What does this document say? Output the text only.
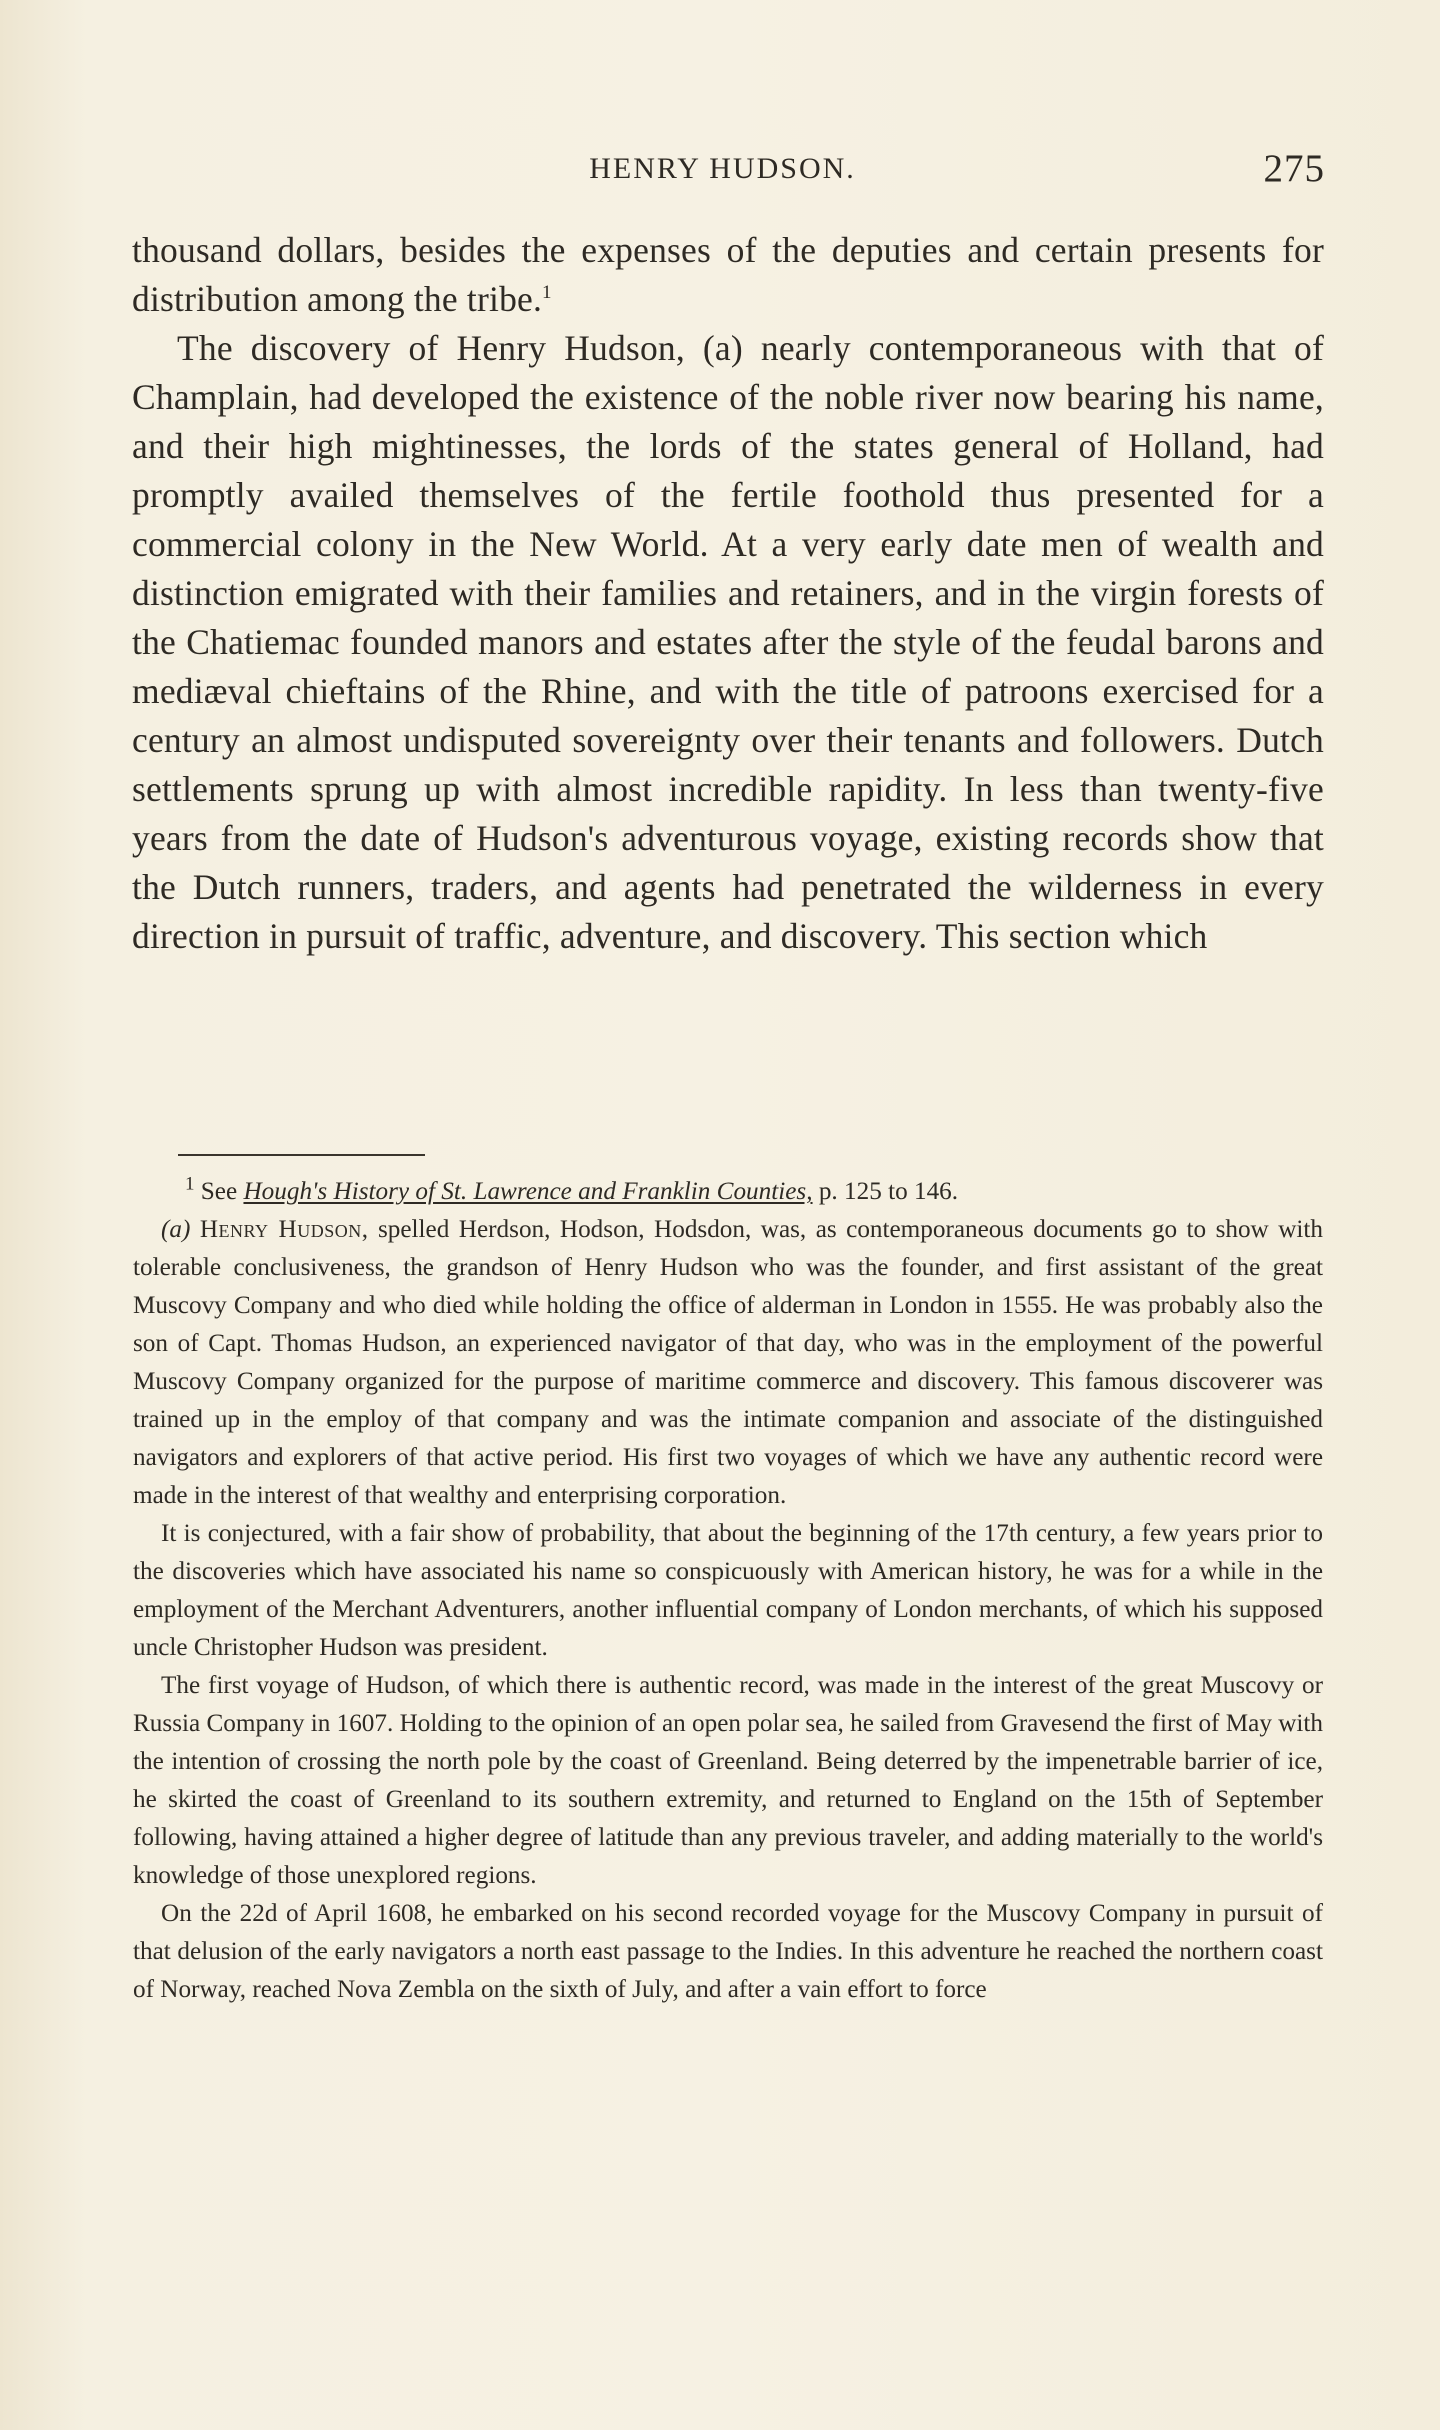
HENRY HUDSON.	275

thousand dollars, besides the expenses of the deputies and certain presents for distribution among the tribe.$^1$

The discovery of Henry Hudson, (a) nearly contemporaneous with that of Champlain, had developed the existence of the noble river now bearing his name, and their high mightinesses, the lords of the states general of Holland, had promptly availed themselves of the fertile foothold thus presented for a commercial colony in the New World. At a very early date men of wealth and distinction emigrated with their families and retainers, and in the virgin forests of the Chatiemac founded manors and estates after the style of the feudal barons and mediæval chieftains of the Rhine, and with the title of patroons exercised for a century an almost undisputed sovereignty over their tenants and followers. Dutch settlements sprung up with almost incredible rapidity. In less than twenty-five years from the date of Hudson's adventurous voyage, existing records show that the Dutch runners, traders, and agents had penetrated the wilderness in every direction in pursuit of traffic, adventure, and discovery. This section which

$^1$ See Hough's History of St. Lawrence and Franklin Counties, p. 125 to 146.

(a) Henry Hudson, spelled Herdson, Hodson, Hodsdon, was, as contemporaneous documents go to show with tolerable conclusiveness, the grandson of Henry Hudson who was the founder, and first assistant of the great Muscovy Company and who died while holding the office of alderman in London in 1555. He was probably also the son of Capt. Thomas Hudson, an experienced navigator of that day, who was in the employment of the powerful Muscovy Company organized for the purpose of maritime commerce and discovery. This famous discoverer was trained up in the employ of that company and was the intimate companion and associate of the distinguished navigators and explorers of that active period. His first two voyages of which we have any authentic record were made in the interest of that wealthy and enterprising corporation.

It is conjectured, with a fair show of probability, that about the beginning of the 17th century, a few years prior to the discoveries which have associated his name so conspicuously with American history, he was for a while in the employment of the Merchant Adventurers, another influential company of London merchants, of which his supposed uncle Christopher Hudson was president.

The first voyage of Hudson, of which there is authentic record, was made in the interest of the great Muscovy or Russia Company in 1607. Holding to the opinion of an open polar sea, he sailed from Gravesend the first of May with the intention of crossing the north pole by the coast of Greenland. Being deterred by the impenetrable barrier of ice, he skirted the coast of Greenland to its southern extremity, and returned to England on the 15th of September following, having attained a higher degree of latitude than any previous traveler, and adding materially to the world's knowledge of those unexplored regions.

On the 22d of April 1608, he embarked on his second recorded voyage for the Muscovy Company in pursuit of that delusion of the early navigators a north east passage to the Indies. In this adventure he reached the northern coast of Norway, reached Nova Zembla on the sixth of July, and after a vain effort to force
